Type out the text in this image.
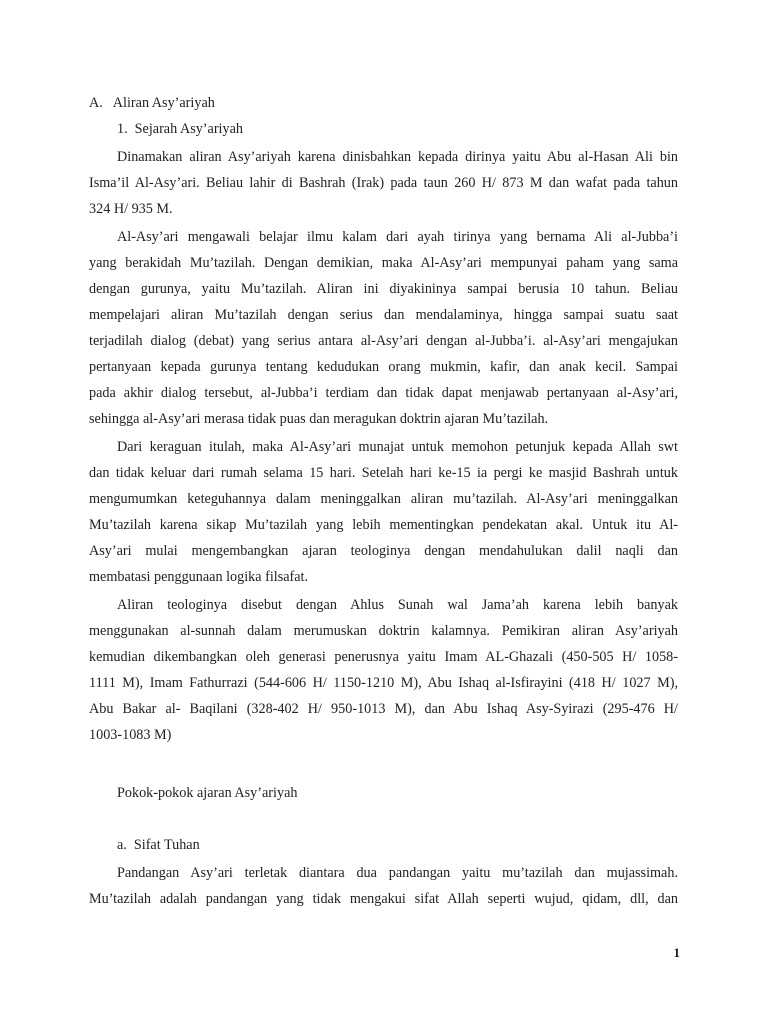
A. Aliran Asy’ariyah
1. Sejarah Asy’ariyah
Dinamakan aliran Asy’ariyah karena dinisbahkan kepada dirinya yaitu Abu al-Hasan Ali bin
Isma’il Al-Asy’ari. Beliau lahir di Bashrah (Irak) pada taun 260 H/ 873 M dan wafat pada tahun
324 H/ 935 M.
Al-Asy’ari mengawali belajar ilmu kalam dari ayah tirinya yang bernama Ali al-Jubba’i
yang berakidah Mu’tazilah. Dengan demikian, maka Al-Asy’ari mempunyai paham yang sama
dengan gurunya, yaitu Mu’tazilah. Aliran ini diyakininya sampai berusia 10 tahun. Beliau
mempelajari aliran Mu’tazilah dengan serius dan mendalaminya, hingga sampai suatu saat
terjadilah dialog (debat) yang serius antara al-Asy’ari dengan al-Jubba’i. al-Asy’ari mengajukan
pertanyaan kepada gurunya tentang kedudukan orang mukmin, kafir, dan anak kecil. Sampai
pada akhir dialog tersebut, al-Jubba’i terdiam dan tidak dapat menjawab pertanyaan al-Asy’ari,
sehingga al-Asy’ari merasa tidak puas dan meragukan doktrin ajaran Mu’tazilah.
Dari keraguan itulah, maka Al-Asy’ari munajat untuk memohon petunjuk kepada Allah swt
dan tidak keluar dari rumah selama 15 hari. Setelah hari ke-15 ia pergi ke masjid Bashrah untuk
mengumumkan keteguhannya dalam meninggalkan aliran mu’tazilah. Al-Asy’ari meninggalkan
Mu’tazilah karena sikap Mu’tazilah yang lebih mementingkan pendekatan akal. Untuk itu Al-
Asy’ari mulai mengembangkan ajaran teologinya dengan mendahulukan dalil naqli dan
membatasi penggunaan logika filsafat.
Aliran teologinya disebut dengan Ahlus Sunah wal Jama’ah karena lebih banyak
menggunakan al-sunnah dalam merumuskan doktrin kalamnya. Pemikiran aliran Asy’ariyah
kemudian dikembangkan oleh generasi penerusnya yaitu Imam AL-Ghazali (450-505 H/ 1058-
1111 M), Imam Fathurrazi (544-606 H/ 1150-1210 M), Abu Ishaq al-Isfirayini (418 H/ 1027 M),
Abu Bakar al- Baqilani (328-402 H/ 950-1013 M), dan Abu Ishaq Asy-Syirazi (295-476 H/
1003-1083 M)
Pokok-pokok ajaran Asy’ariyah
a. Sifat Tuhan
Pandangan Asy’ari terletak diantara dua pandangan yaitu mu’tazilah dan mujassimah.
Mu’tazilah adalah pandangan yang tidak mengakui sifat Allah seperti wujud, qidam, dll, dan
1
